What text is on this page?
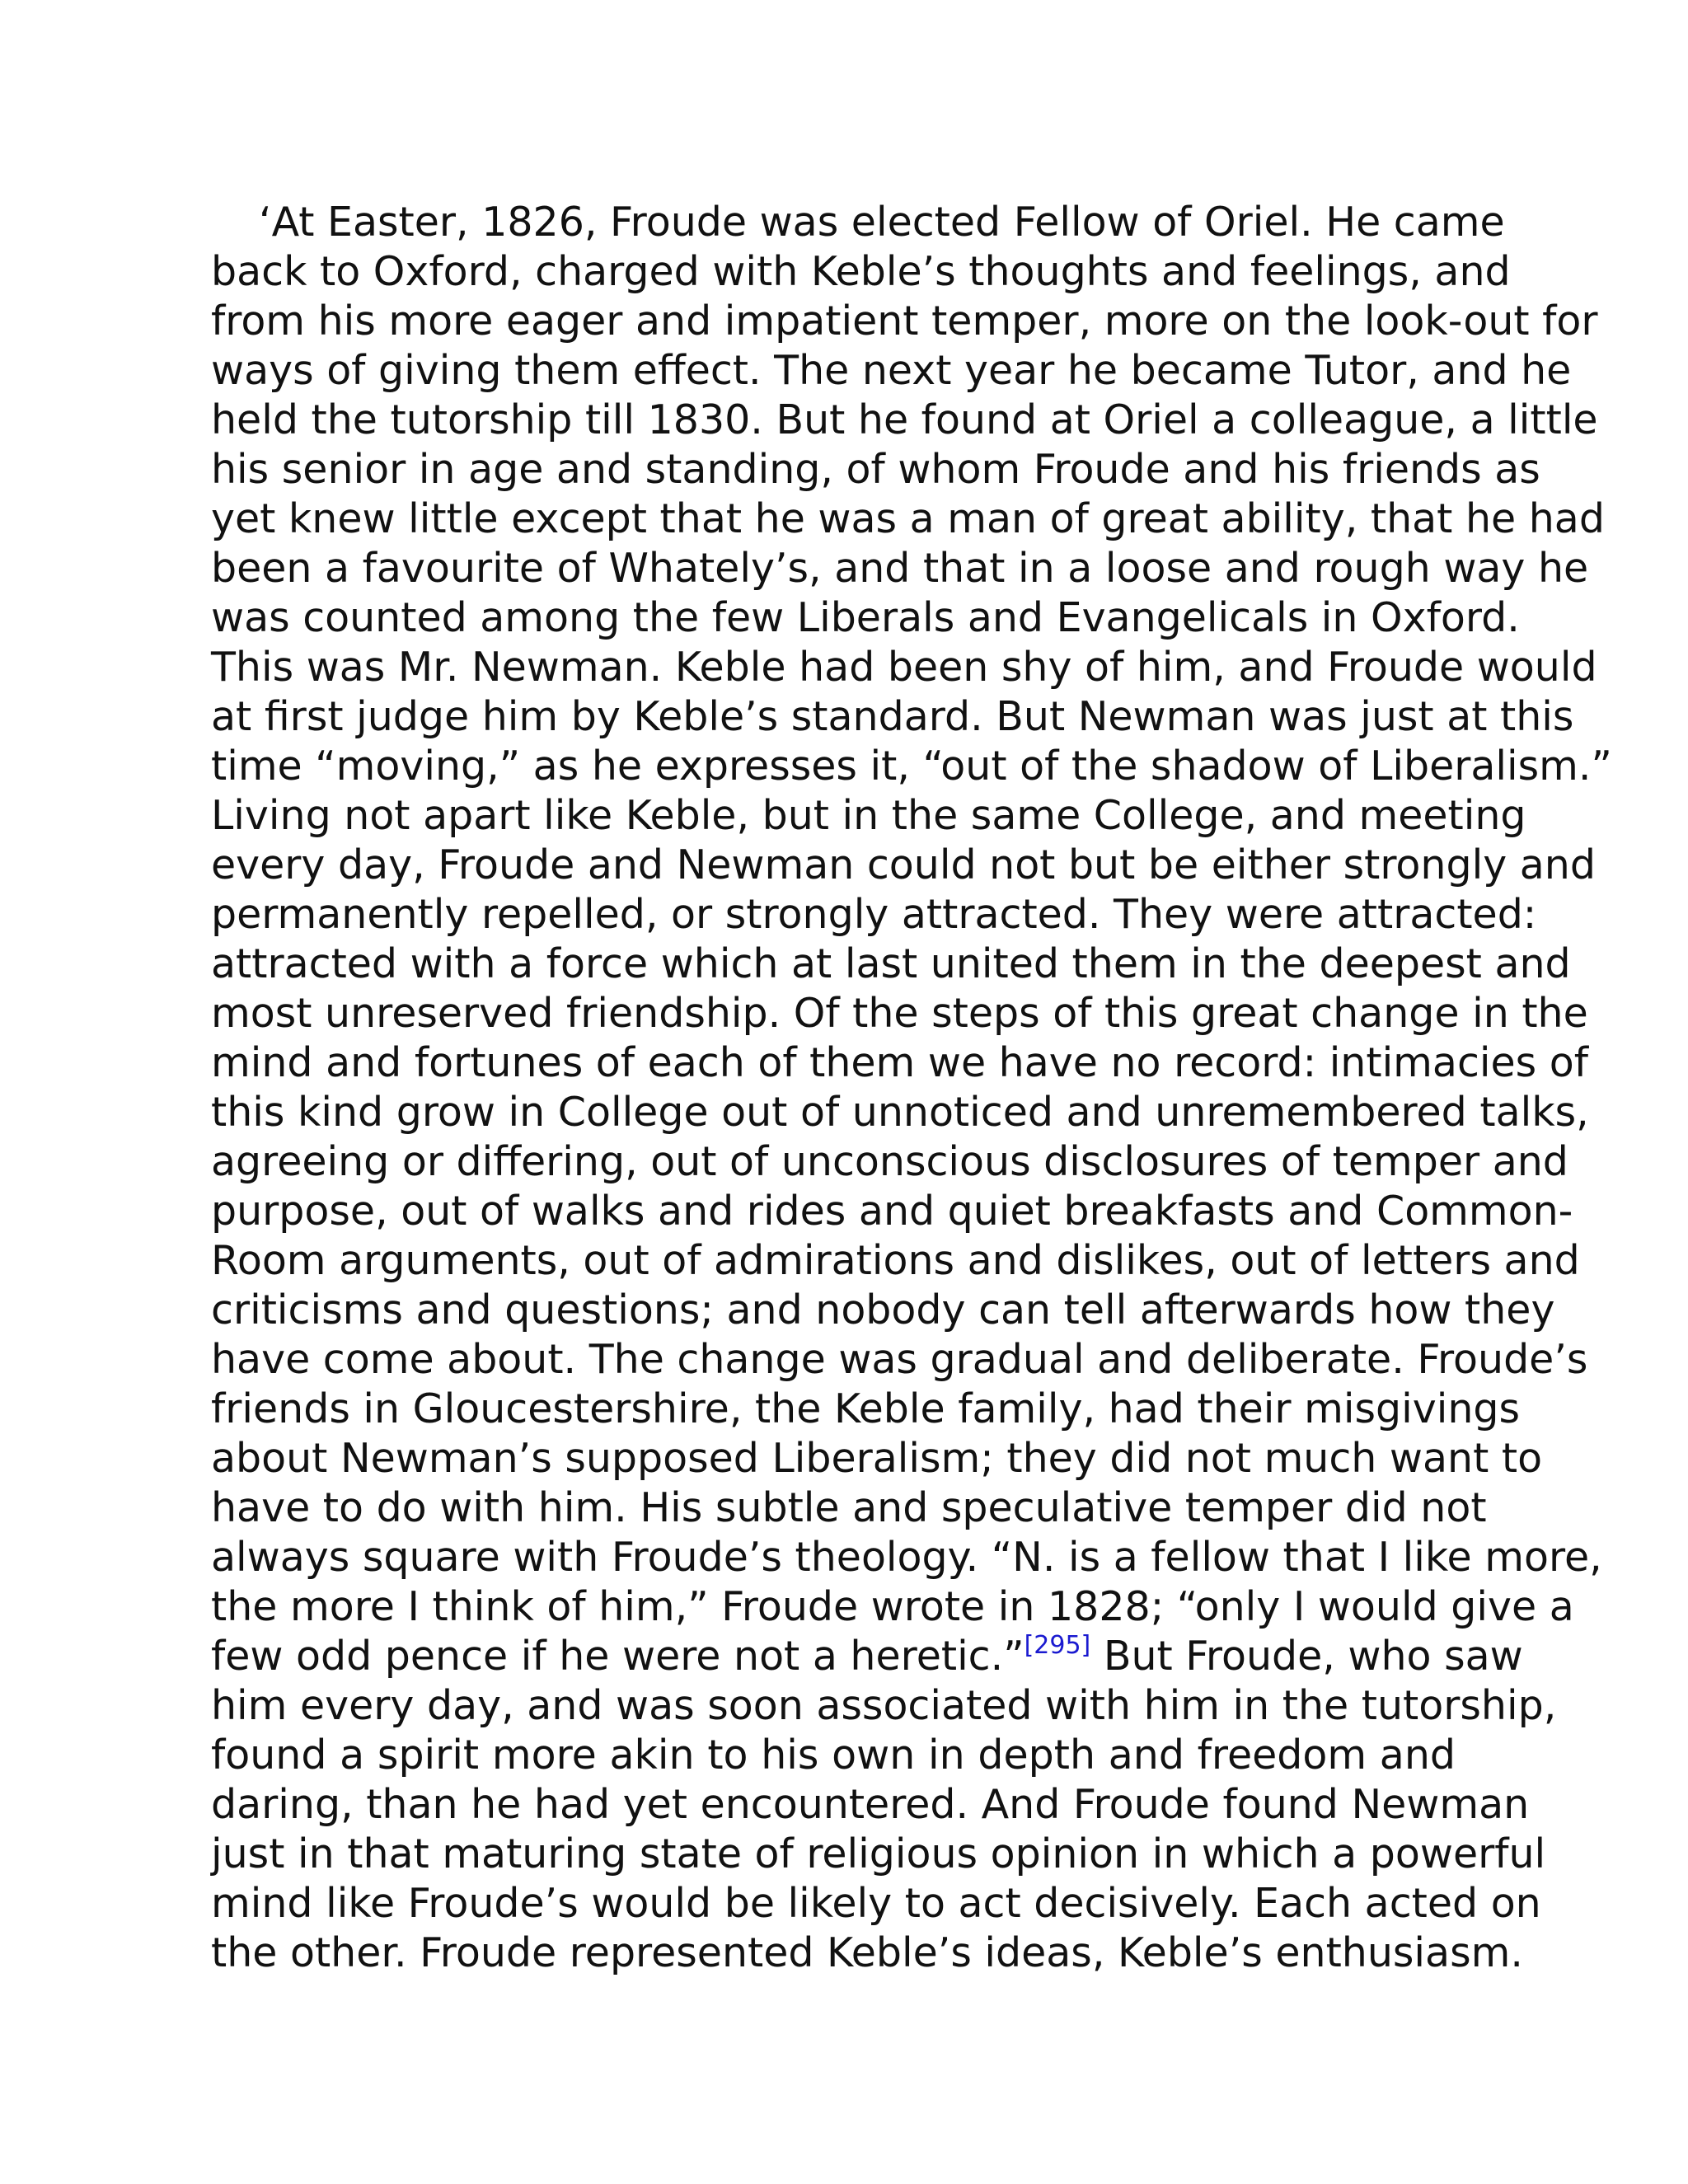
‘At Easter, 1826, Froude was elected Fellow of Oriel. He came
back to Oxford, charged with Keble’s thoughts and feelings, and
from his more eager and impatient temper, more on the look-out for
ways of giving them effect. The next year he became Tutor, and he
held the tutorship till 1830. But he found at Oriel a colleague, a little
his senior in age and standing, of whom Froude and his friends as
yet knew little except that he was a man of great ability, that he had
been a favourite of Whately’s, and that in a loose and rough way he
was counted among the few Liberals and Evangelicals in Oxford.
This was Mr. Newman. Keble had been shy of him, and Froude would
at first judge him by Keble’s standard. But Newman was just at this
time “moving,” as he expresses it, “out of the shadow of Liberalism.”
Living not apart like Keble, but in the same College, and meeting
every day, Froude and Newman could not but be either strongly and
permanently repelled, or strongly attracted. They were attracted:
attracted with a force which at last united them in the deepest and
most unreserved friendship. Of the steps of this great change in the
mind and fortunes of each of them we have no record: intimacies of
this kind grow in College out of unnoticed and unremembered talks,
agreeing or differing, out of unconscious disclosures of temper and
purpose, out of walks and rides and quiet breakfasts and Common-
Room arguments, out of admirations and dislikes, out of letters and
criticisms and questions; and nobody can tell afterwards how they
have come about. The change was gradual and deliberate. Froude’s
friends in Gloucestershire, the Keble family, had their misgivings
about Newman’s supposed Liberalism; they did not much want to
have to do with him. His subtle and speculative temper did not
always square with Froude’s theology. “N. is a fellow that I like more,
the more I think of him,” Froude wrote in 1828; “only I would give a
few odd pence if he were not a heretic.”[295] But Froude, who saw
him every day, and was soon associated with him in the tutorship,
found a spirit more akin to his own in depth and freedom and
daring, than he had yet encountered. And Froude found Newman
just in that maturing state of religious opinion in which a powerful
mind like Froude’s would be likely to act decisively. Each acted on
the other. Froude represented Keble’s ideas, Keble’s enthusiasm.
